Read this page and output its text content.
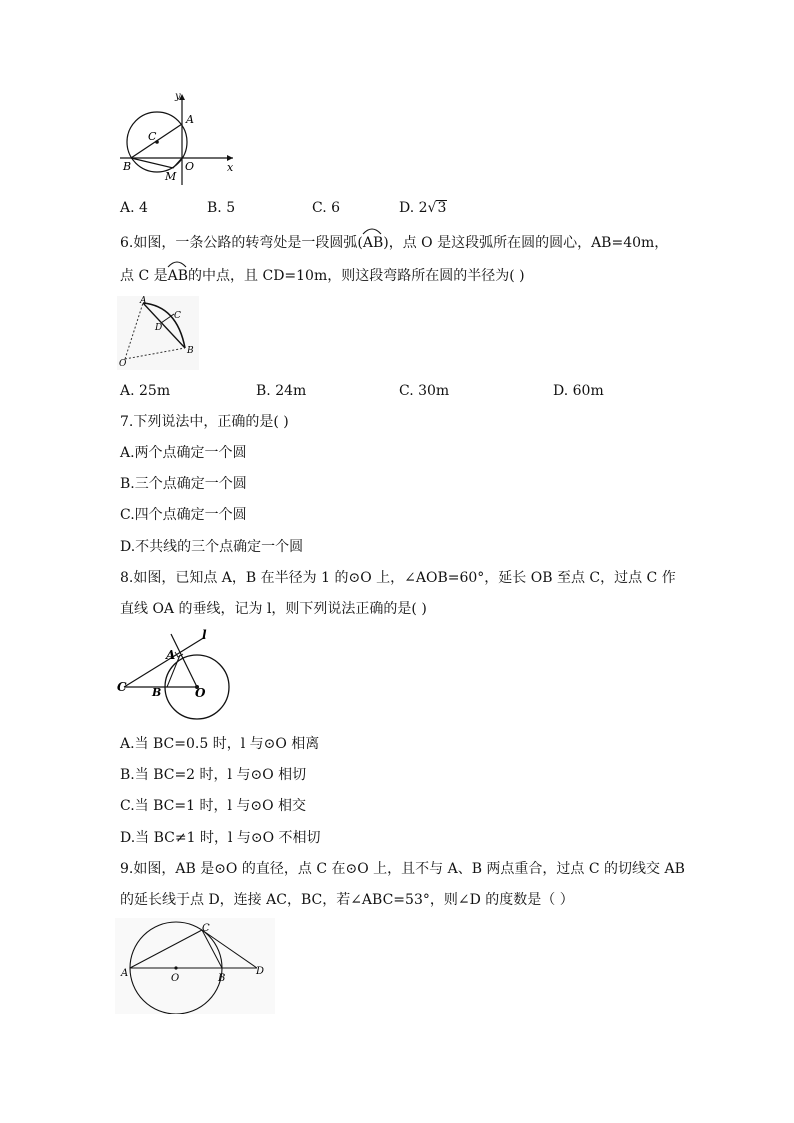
y
x
A
C
B	O
M
A. 4	B. 5	C. 6	D. 2 √ 3
6.如图，一条公路的转弯处是一段圆弧(
AB)，点 O 是这段弧所在圆的圆心，AB=40m，
点 C 是
AB的中点，且 CD=10m，则这段弯路所在圆的半径为( )
A
C
D
O
B
A. 25m	B. 24m	C. 30m	D. 60m
7.下列说法中，正确的是( )
A.两个点确定一个圆
B.三个点确定一个圆
C.四个点确定一个圆
D.不共线的三个点确定一个圆
8.如图，已知点 A，B 在半径为 1 的⊙O 上，∠AOB=60°，延长 OB 至点 C，过点 C 作
直线 OA 的垂线，记为 l，则下列说法正确的是( )
l
A
C B	O
A.当 BC=0.5 时，l 与⊙O 相离
B.当 BC=2 时，l 与⊙O 相切
C.当 BC=1 时，l 与⊙O 相交
D.当 BC≠1 时，l 与⊙O 不相切
9.如图，AB 是⊙O 的直径，点 C 在⊙O 上，且不与 A、B 两点重合，过点 C 的切线交 AB
的延长线于点 D，连接 AC，BC，若∠ABC=53°，则∠D 的度数是（ ）
A	O	B
C
D
